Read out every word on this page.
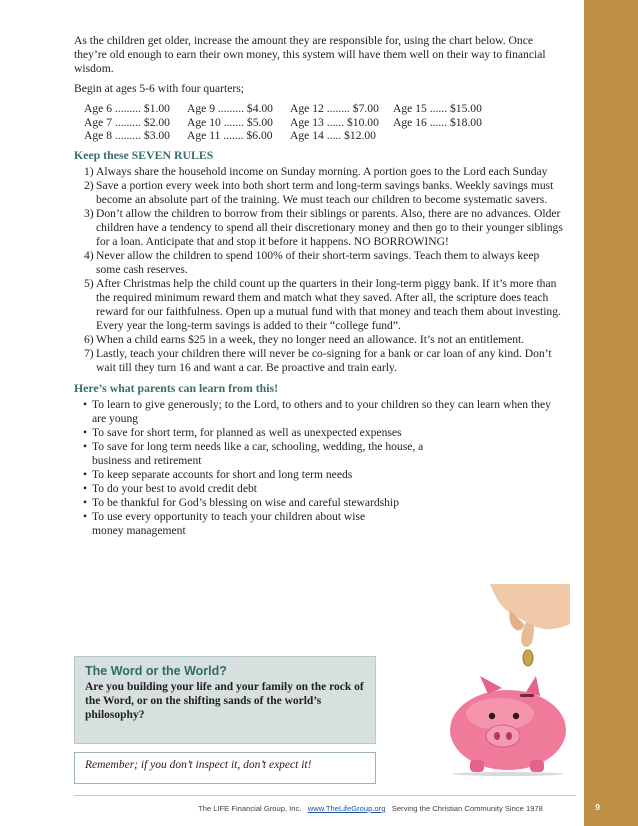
As the children get older, increase the amount they are responsible for, using the chart below. Once they’re old enough to earn their own money, this system will have them well on their way to financial wisdom.

Begin at ages 5-6 with four quarters;

Age 6 ......... $1.00
Age 7 ......... $2.00
Age 8 ......... $3.00
Age 9 ......... $4.00
Age 10 ....... $5.00
Age 11 ....... $6.00
Age 12 ........ $7.00
Age 13 ...... $10.00
Age 14 ..... $12.00
Age 15 ...... $15.00
Age 16 ...... $18.00
Keep these SEVEN RULES
1) Always share the household income on Sunday morning. A portion goes to the Lord each Sunday
2) Save a portion every week into both short term and long-term savings banks. Weekly savings must become an absolute part of the training. We must teach our children to become systematic savers.
3) Don’t allow the children to borrow from their siblings or parents. Also, there are no advances. Older children have a tendency to spend all their discretionary money and then go to their younger siblings for a loan. Anticipate that and stop it before it happens. NO BORROWING!
4) Never allow the children to spend 100% of their short-term savings. Teach them to always keep some cash reserves.
5) After Christmas help the child count up the quarters in their long-term piggy bank. If it’s more than the required minimum reward them and match what they saved. After all, the scripture does teach reward for our faithfulness. Open up a mutual fund with that money and teach them about investing. Every year the long-term savings is added to their “college fund”.
6) When a child earns $25 in a week, they no longer need an allowance. It’s not an entitlement.
7) Lastly, teach your children there will never be co-signing for a bank or car loan of any kind. Don’t wait till they turn 16 and want a car. Be proactive and train early.
Here’s what parents can learn from this!
• To learn to give generously; to the Lord, to others and to your children so they can learn when they are young
• To save for short term, for planned as well as unexpected expenses
• To save for long term needs like a car, schooling, wedding, the house, a business and retirement
• To keep separate accounts for short and long term needs
• To do your best to avoid credit debt
• To be thankful for God’s blessing on wise and careful stewardship
• To use every opportunity to teach your children about wise money management
The Word or the World?
Are you building your life and your family on the rock of the Word, or on the shifting sands of the world’s philosophy?
Remember; if you don’t inspect it, don’t expect it!
The LIFE Financial Group, Inc. www.TheLifeGroup.org Serving the Christian Community Since 1978	9
